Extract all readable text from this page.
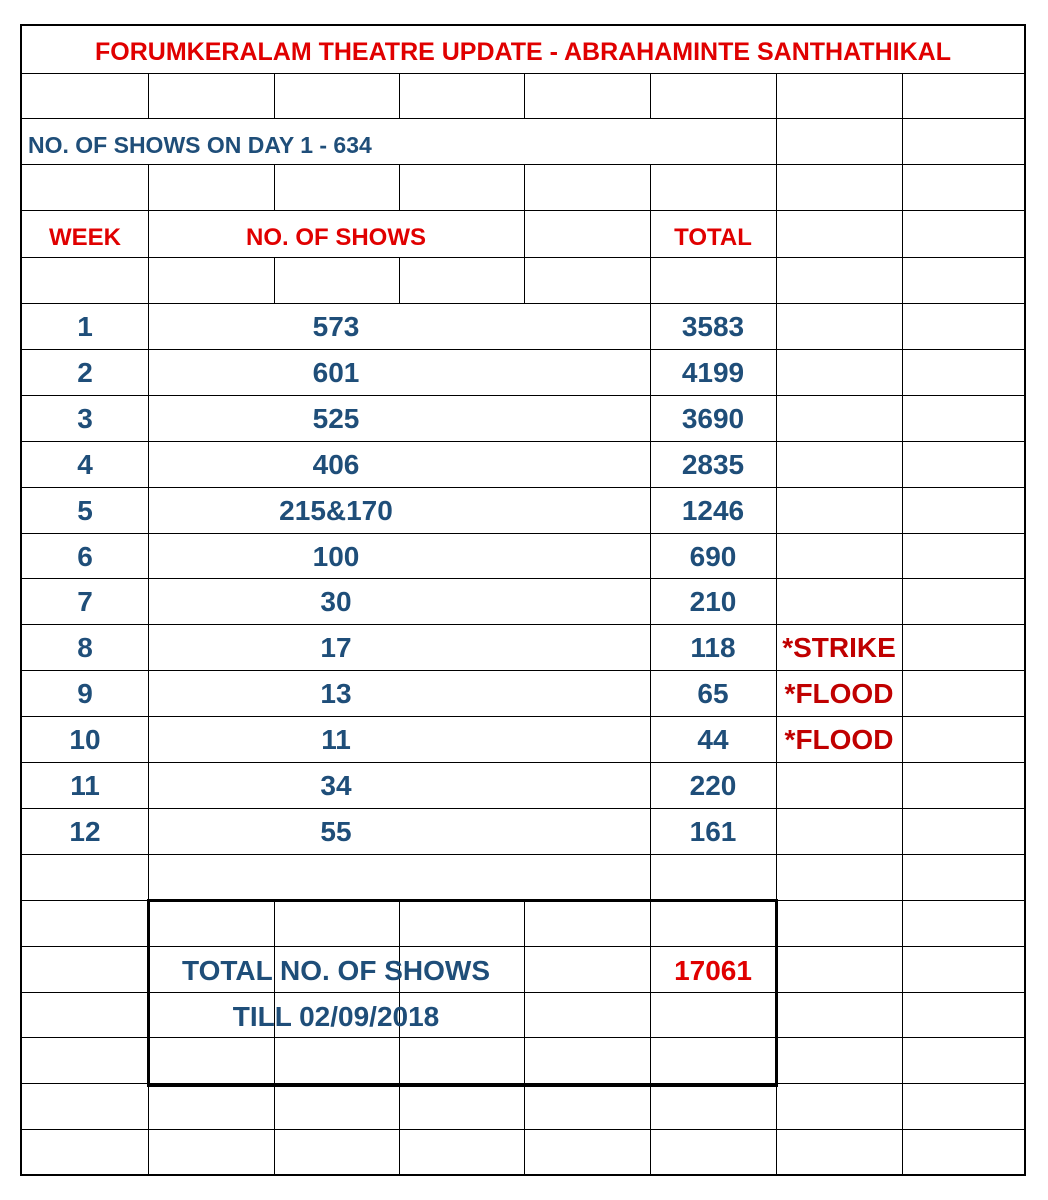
FORUMKERALAM THEATRE UPDATE - ABRAHAMINTE SANTHATHIKAL
NO. OF SHOWS ON DAY 1 - 634
WEEK	NO. OF SHOWS	TOTAL
1	573	3583
2	601	4199
3	525	3690
4	406	2835
5	215&170	1246
6	100	690
7	30	210
8	17	118	*STRIKE
9	13	65	*FLOOD
10	11	44	*FLOOD
11	34	220
12	55	161
TOTAL NO. OF SHOWS
TILL 02/09/2018
17061
